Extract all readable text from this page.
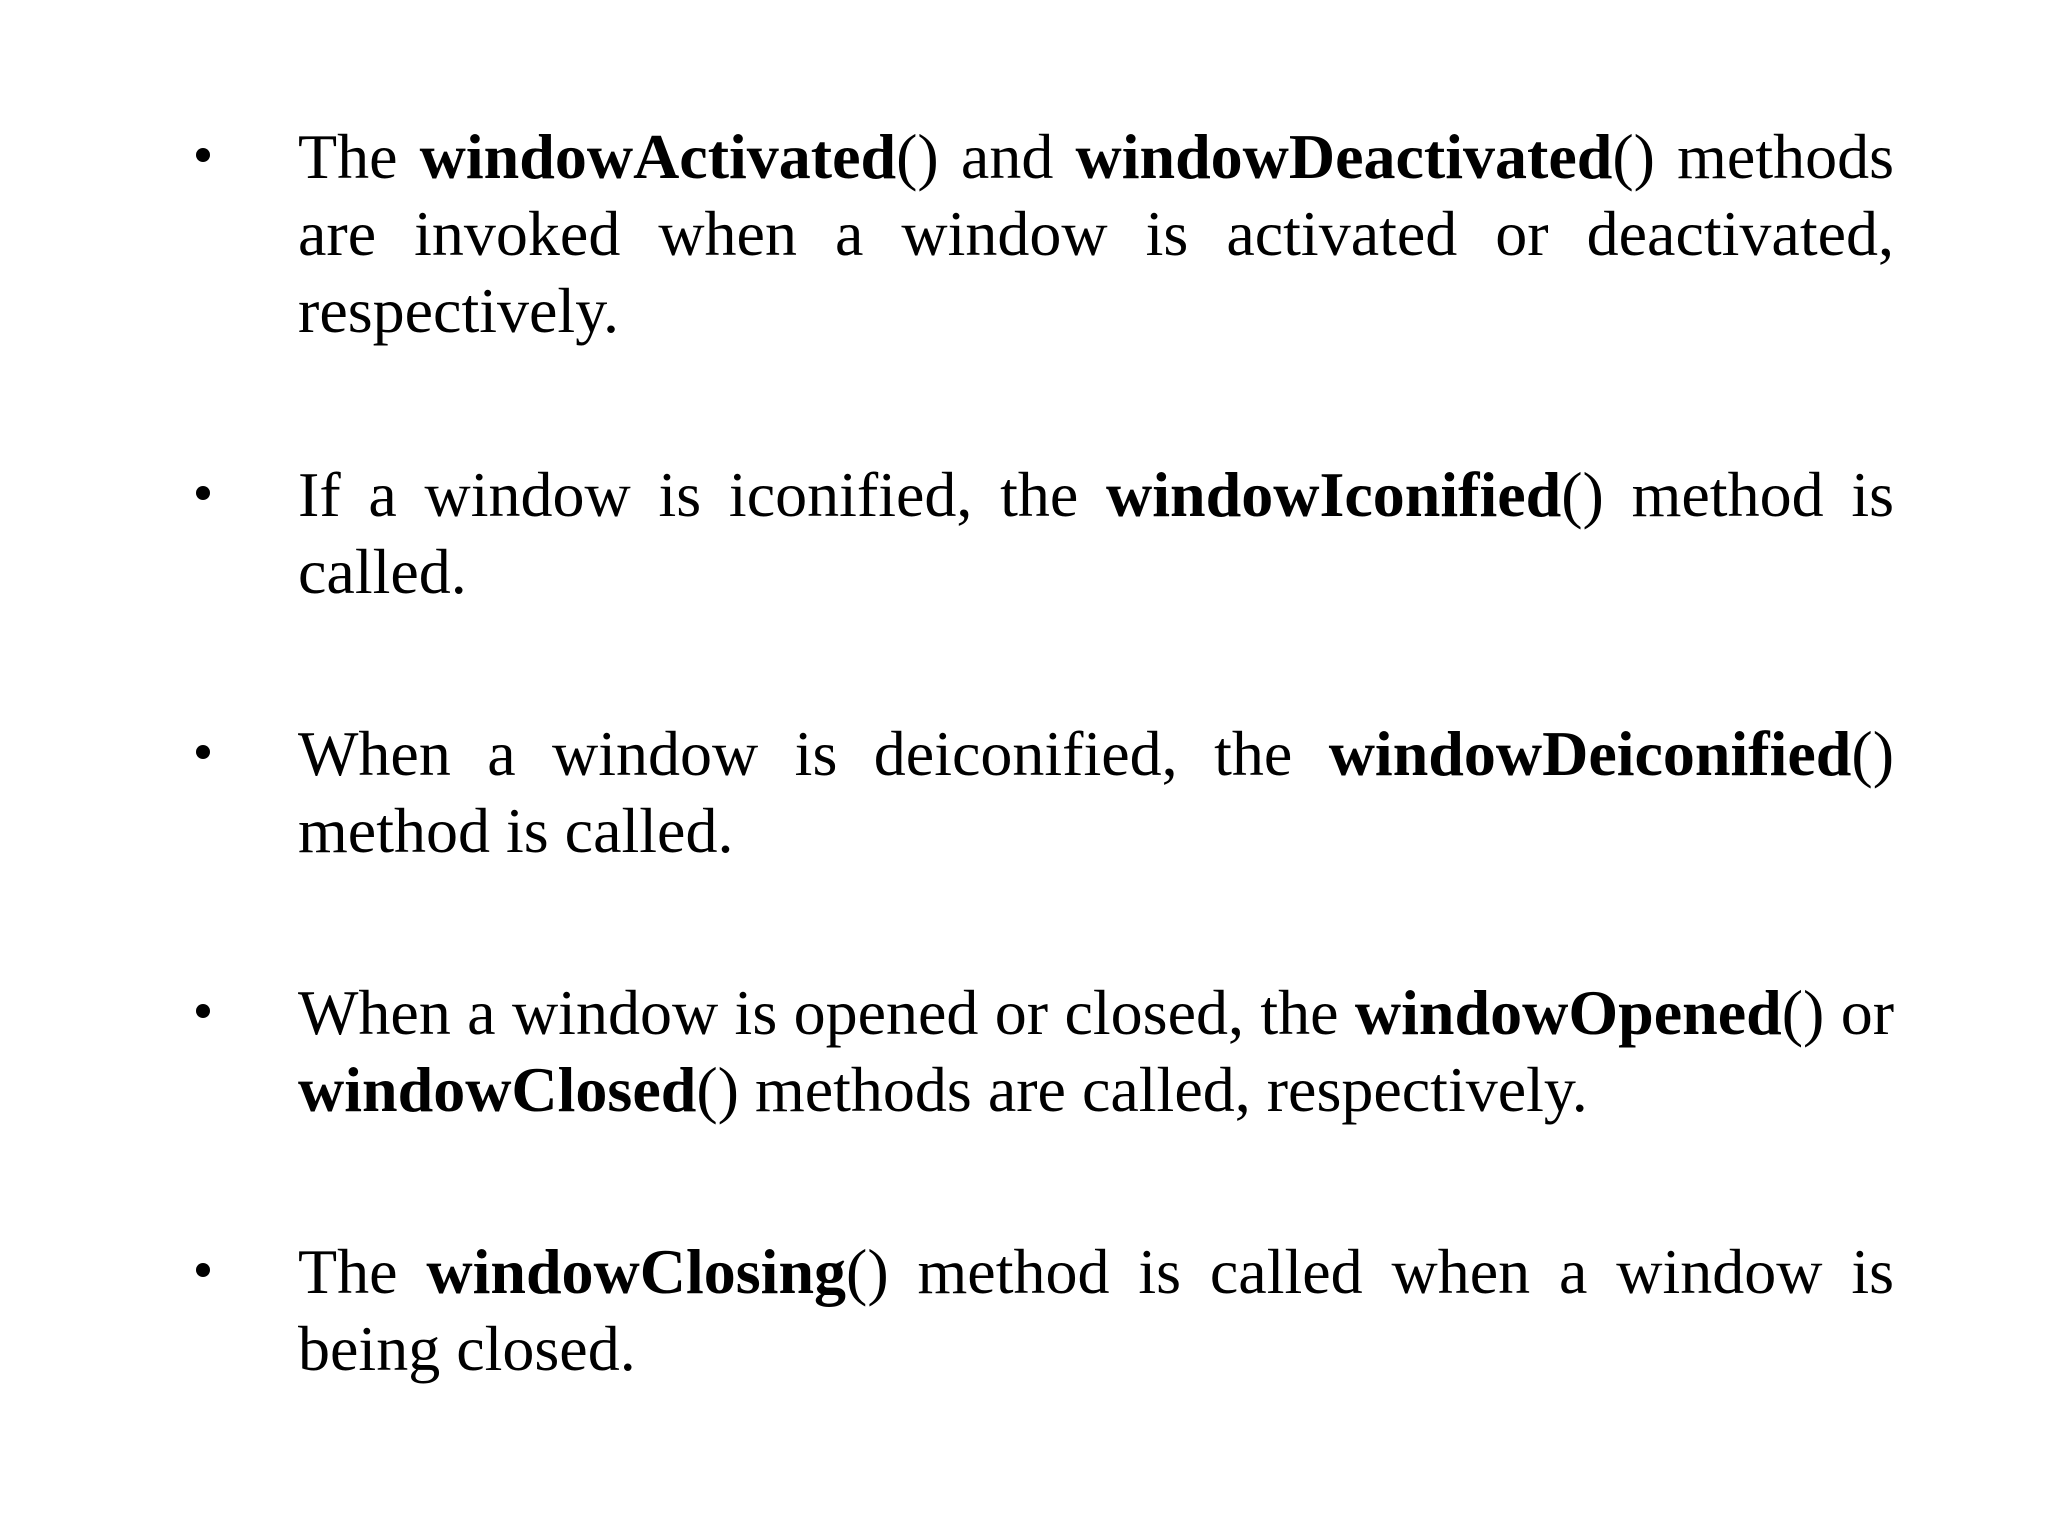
The windowActivated() and windowDeactivated() methods are invoked when a window is activated or deactivated, respectively.

If a window is iconified, the windowIconified() method is called.

When a window is deiconified, the windowDeiconified() method is called.

When a window is opened or closed, the windowOpened() or windowClosed() methods are called, respectively.

The windowClosing() method is called when a window is being closed.
